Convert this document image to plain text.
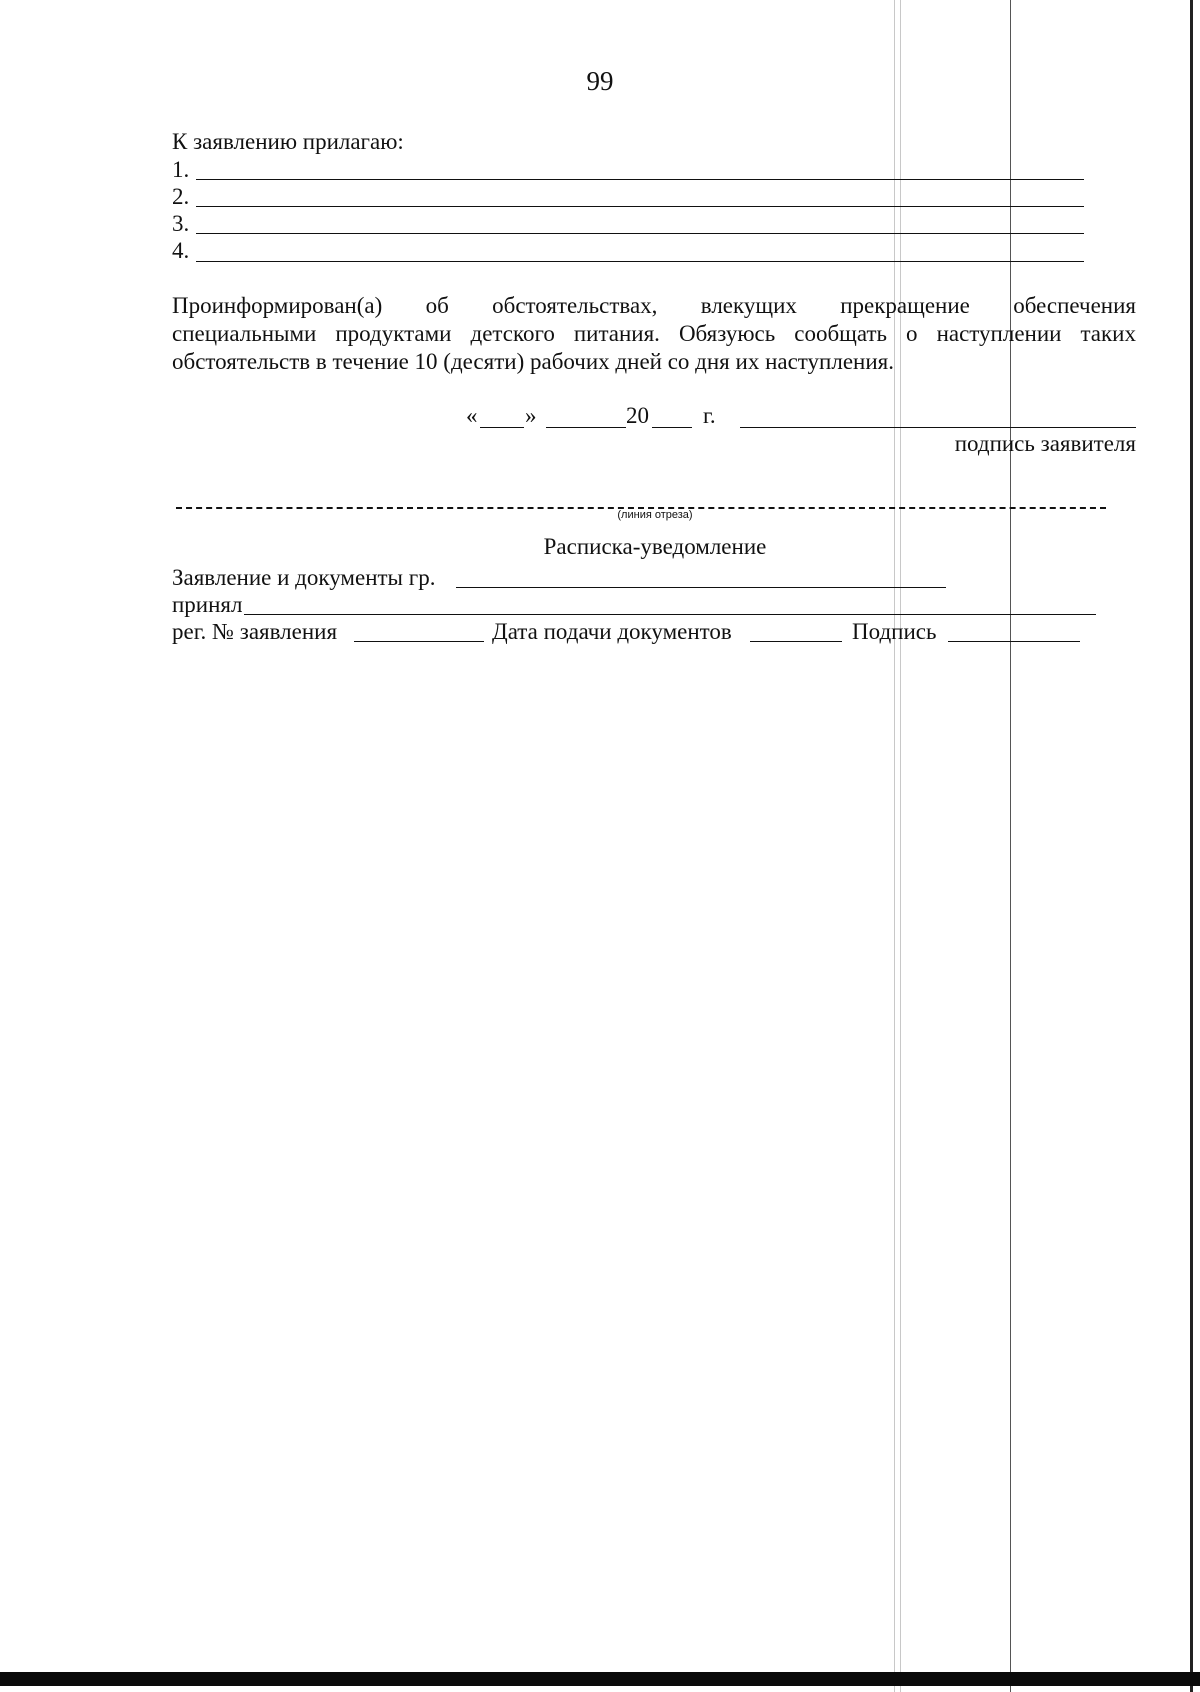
99
К заявлению прилагаю:
1.
2.
3.
4.
Проинформирован(а) об обстоятельствах, влекущих прекращение обеспечения
специальными продуктами детского питания. Обязуюсь сообщать о наступлении таких
обстоятельств в течение 10 (десяти) рабочих дней со дня их наступления.
« »	20 г.
подпись заявителя
(линия отреза)
Расписка-уведомление
Заявление и документы гр.
принял
рег. № заявления	Дата подачи документов	Подпись
